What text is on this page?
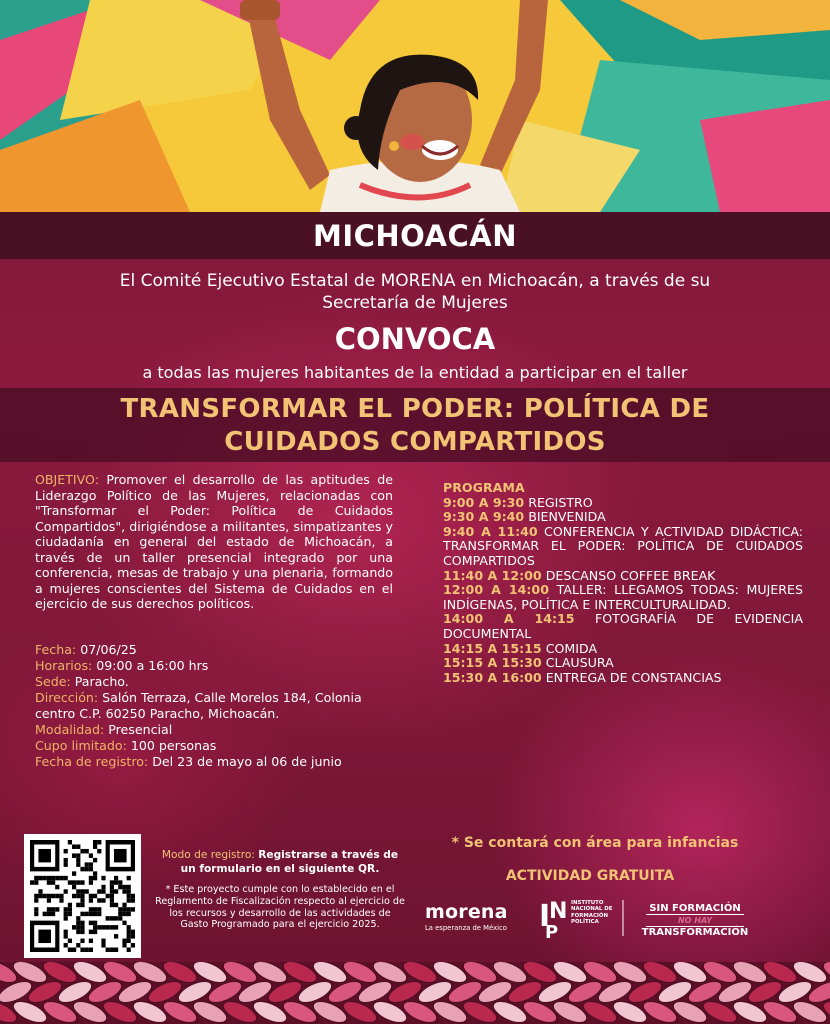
MICHOACÁN
El Comité Ejecutivo Estatal de MORENA en Michoacán, a través de su
Secretaría de Mujeres
CONVOCA
a todas las mujeres habitantes de la entidad a participar en el taller
TRANSFORMAR EL PODER: POLÍTICA DE
CUIDADOS COMPARTIDOS
OBJETIVO: Promover el desarrollo de las aptitudes de Liderazgo Político de las Mujeres, relacionadas con "Transformar el Poder: Política de Cuidados Compartidos", dirigiéndose a militantes, simpatizantes y ciudadanía en general del estado de Michoacán, a través de un taller presencial integrado por una conferencia, mesas de trabajo y una plenaria, formando a mujeres conscientes del Sistema de Cuidados en el ejercicio de sus derechos políticos.
Fecha: 07/06/25
Horarios: 09:00 a 16:00 hrs
Sede: Paracho.
Dirección: Salón Terraza, Calle Morelos 184, Colonia
centro C.P. 60250 Paracho, Michoacán.
Modalidad: Presencial
Cupo limitado: 100 personas
Fecha de registro: Del 23 de mayo al 06 de junio
PROGRAMA
9:00 A 9:30 REGISTRO
9:30 A 9:40 BIENVENIDA
9:40 A 11:40 CONFERENCIA Y ACTIVIDAD DIDÁCTICA: TRANSFORMAR EL PODER: POLÍTICA DE CUIDADOS COMPARTIDOS
11:40 A 12:00 DESCANSO COFFEE BREAK
12:00 A 14:00 TALLER: LLEGAMOS TODAS: MUJERES INDÍGENAS, POLÍTICA E INTERCULTURALIDAD.
14:00 A 14:15 FOTOGRAFÍA DE EVIDENCIA DOCUMENTAL
14:15 A 15:15 COMIDA
15:15 A 15:30 CLAUSURA
15:30 A 16:00 ENTREGA DE CONSTANCIAS
Modo de registro: Registrarse a través de un formulario en el siguiente QR.
* Este proyecto cumple con lo establecido en el Reglamento de Fiscalización respecto al ejercicio de los recursos y desarrollo de las actividades de Gasto Programado para el ejercicio 2025.
* Se contará con área para infancias
ACTIVIDAD GRATUITA
morena
La esperanza de México	I
N
P
INSTITUTO NACIONAL DE FORMACIÓN POLÍTICA
SIN FORMACIÓN
NO HAY
TRANSFORMACIÓN
